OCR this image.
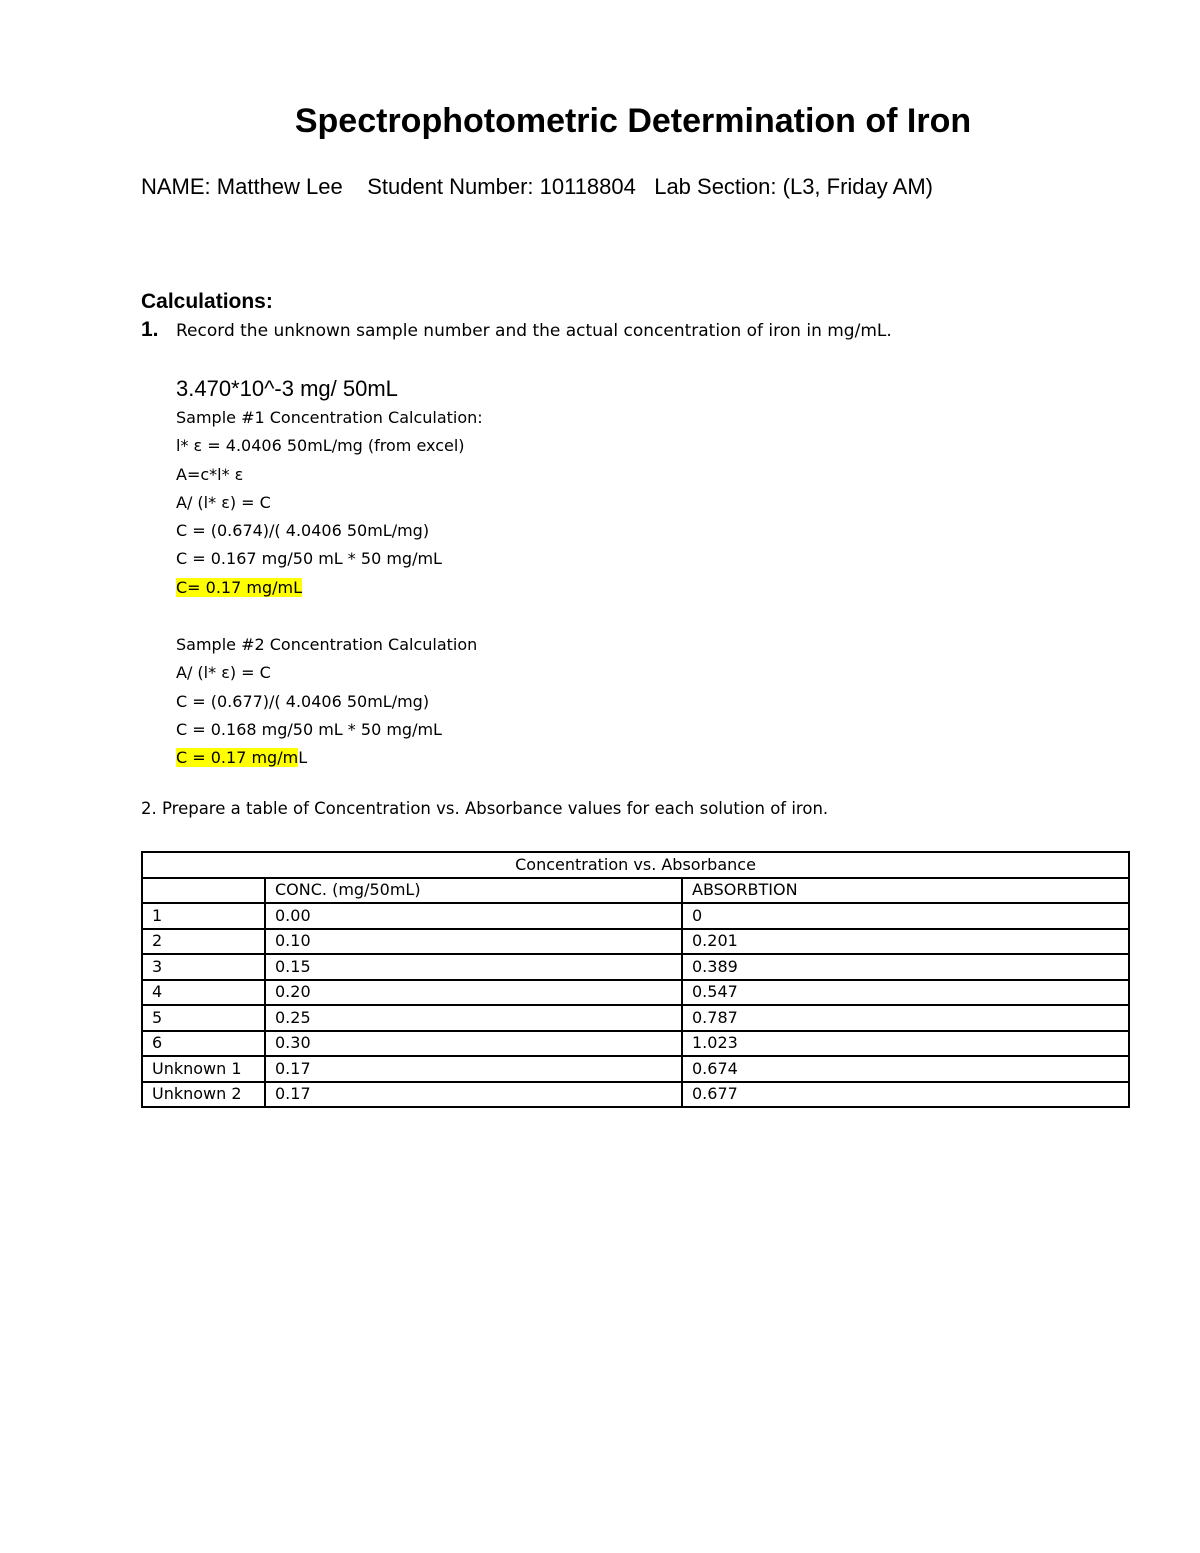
Spectrophotometric Determination of Iron
NAME: Matthew Lee    Student Number: 10118804   Lab Section: (L3, Friday AM)
Calculations:
1. Record the unknown sample number and the actual concentration of iron in mg/mL.
3.470*10^-3 mg/ 50mL
Sample #1 Concentration Calculation:
l* ε = 4.0406 50mL/mg (from excel)
A=c*l* ε
A/ (l* ε) = C
C = (0.674)/( 4.0406 50mL/mg)
C = 0.167 mg/50 mL * 50 mg/mL
C= 0.17 mg/mL
Sample #2 Concentration Calculation
A/ (l* ε) = C
C = (0.677)/( 4.0406 50mL/mg)
C = 0.168 mg/50 mL * 50 mg/mL
C = 0.17 mg/mL
2. Prepare a table of Concentration vs. Absorbance values for each solution of iron.
Concentration vs. Absorbance		
	CONC. (mg/50mL)	ABSORBTION
1	0.00	0
2	0.10	0.201
3	0.15	0.389
4	0.20	0.547
5	0.25	0.787
6	0.30	1.023
Unknown 1	0.17	0.674
Unknown 2	0.17	0.677
